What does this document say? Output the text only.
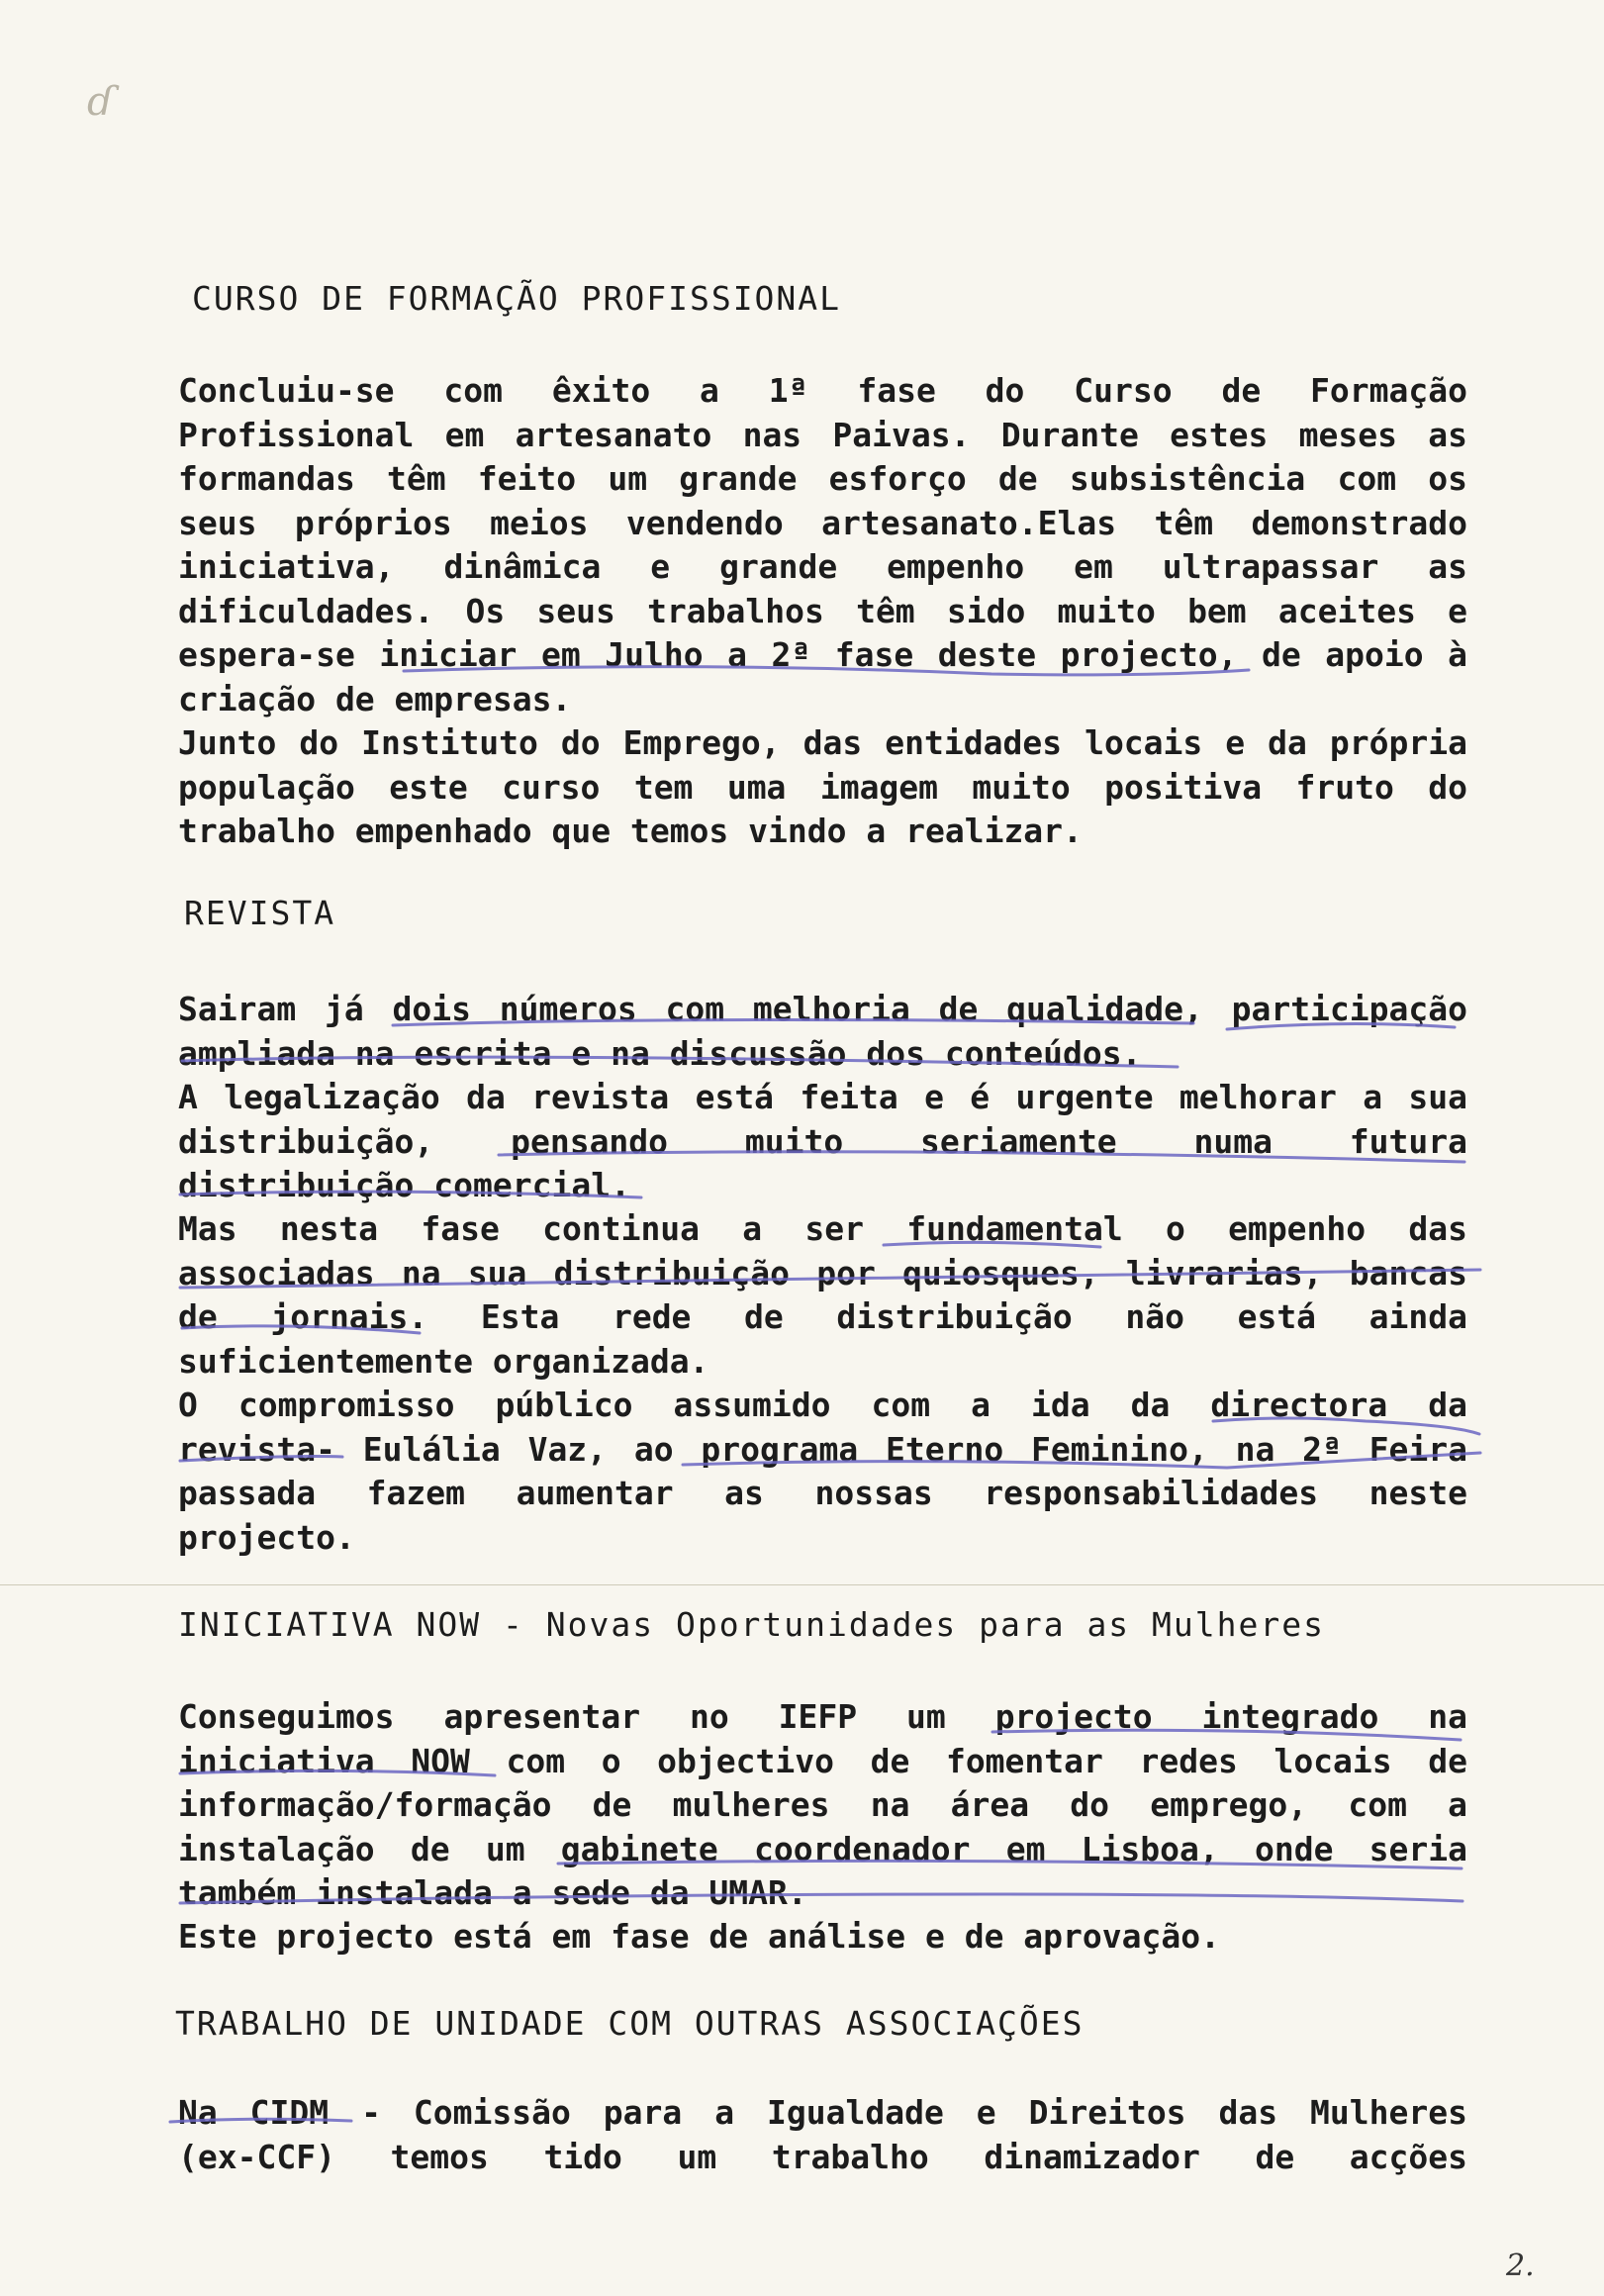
ɗ
CURSO DE FORMAÇÃO PROFISSIONAL
Concluiu-se com êxito a 1ª fase do Curso de Formação
Profissional em artesanato nas Paivas. Durante estes meses as
formandas têm feito um grande esforço de subsistência com os
seus próprios meios vendendo artesanato.Elas têm demonstrado
iniciativa, dinâmica e grande empenho em ultrapassar as
dificuldades. Os seus trabalhos têm sido muito bem aceites e
espera-se iniciar em Julho a 2ª fase deste projecto, de apoio à
criação de empresas.
Junto do Instituto do Emprego, das entidades locais e da própria
população este curso tem uma imagem muito positiva fruto do
trabalho empenhado que temos vindo a realizar.
REVISTA
Sairam já dois números com melhoria de qualidade, participação
ampliada na escrita e na discussão dos conteúdos.
A legalização da revista está feita e é urgente melhorar a sua
distribuição, pensando muito seriamente numa futura
distribuição comercial.
Mas nesta fase continua a ser fundamental o empenho das
associadas na sua distribuição por quiosques, livrarias, bancas
de jornais. Esta rede de distribuição não está ainda
suficientemente organizada.
O compromisso público assumido com a ida da directora da
revista- Eulália Vaz, ao programa Eterno Feminino, na 2ª Feira
passada fazem aumentar as nossas responsabilidades neste
projecto.
INICIATIVA NOW - Novas Oportunidades para as Mulheres
Conseguimos apresentar no IEFP um projecto integrado na
iniciativa NOW com o objectivo de fomentar redes locais de
informação/formação de mulheres na área do emprego, com a
instalação de um gabinete coordenador em Lisboa, onde seria
também instalada a sede da UMAR.
Este projecto está em fase de análise e de aprovação.
TRABALHO DE UNIDADE COM OUTRAS ASSOCIAÇÕES
Na CIDM - Comissão para a Igualdade e Direitos das Mulheres
(ex-CCF) temos tido um trabalho dinamizador de acções
2.
